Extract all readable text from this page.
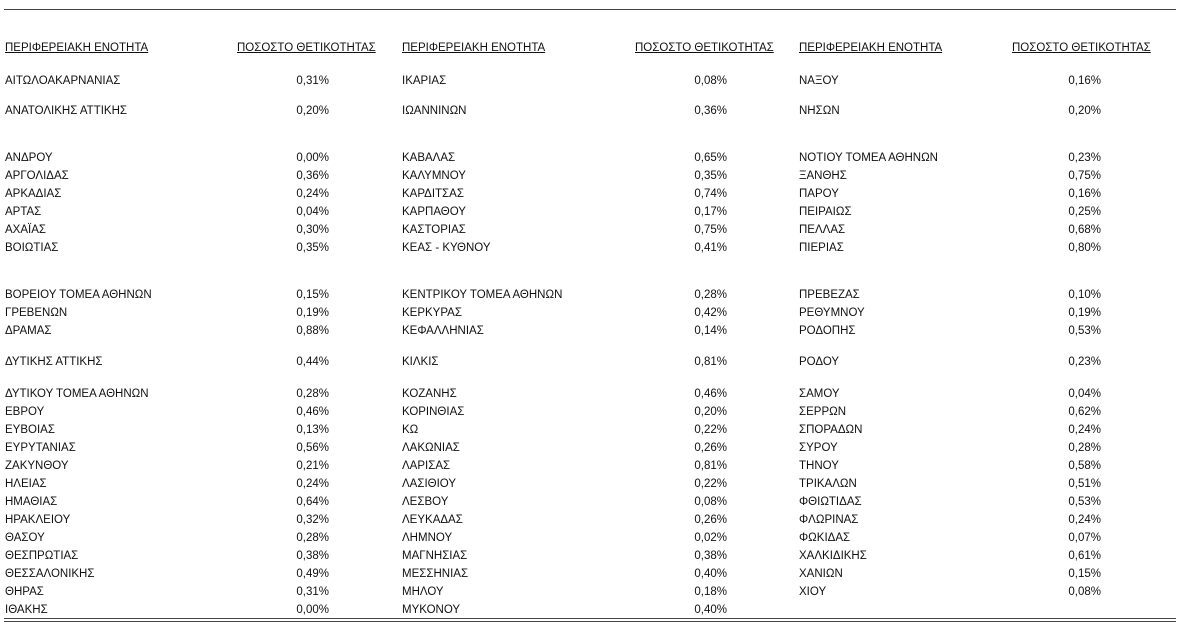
ΠΕΡΙΦΕΡΕΙΑΚΗ ΕΝΟΤΗΤΑ	ΠΟΣΟΣΤΟ ΘΕΤΙΚΟΤΗΤΑΣ
ΑΙΤΩΛΟΑΚΑΡΝΑΝΙΑΣ	0,31%
ΑΝΑΤΟΛΙΚΗΣ ΑΤΤΙΚΗΣ	0,20%
ΑΝΔΡΟΥ	0,00%
ΑΡΓΟΛΙΔΑΣ	0,36%
ΑΡΚΑΔΙΑΣ	0,24%
ΑΡΤΑΣ	0,04%
ΑΧΑΪΑΣ	0,30%
ΒΟΙΩΤΙΑΣ	0,35%
ΒΟΡΕΙΟΥ ΤΟΜΕΑ ΑΘΗΝΩΝ	0,15%
ΓΡΕΒΕΝΩΝ	0,19%
ΔΡΑΜΑΣ	0,88%
ΔΥΤΙΚΗΣ ΑΤΤΙΚΗΣ	0,44%
ΔΥΤΙΚΟΥ ΤΟΜΕΑ ΑΘΗΝΩΝ	0,28%
ΕΒΡΟΥ	0,46%
ΕΥΒΟΙΑΣ	0,13%
ΕΥΡΥΤΑΝΙΑΣ	0,56%
ΖΑΚΥΝΘΟΥ	0,21%
ΗΛΕΙΑΣ	0,24%
ΗΜΑΘΙΑΣ	0,64%
ΗΡΑΚΛΕΙΟΥ	0,32%
ΘΑΣΟΥ	0,28%
ΘΕΣΠΡΩΤΙΑΣ	0,38%
ΘΕΣΣΑΛΟΝΙΚΗΣ	0,49%
ΘΗΡΑΣ	0,31%
ΙΘΑΚΗΣ	0,00%
ΠΕΡΙΦΕΡΕΙΑΚΗ ΕΝΟΤΗΤΑ	ΠΟΣΟΣΤΟ ΘΕΤΙΚΟΤΗΤΑΣ
ΙΚΑΡΙΑΣ	0,08%
ΙΩΑΝΝΙΝΩΝ	0,36%
ΚΑΒΑΛΑΣ	0,65%
ΚΑΛΥΜΝΟΥ	0,35%
ΚΑΡΔΙΤΣΑΣ	0,74%
ΚΑΡΠΑΘΟΥ	0,17%
ΚΑΣΤΟΡΙΑΣ	0,75%
ΚΕΑΣ - ΚΥΘΝΟΥ	0,41%
ΚΕΝΤΡΙΚΟΥ ΤΟΜΕΑ ΑΘΗΝΩΝ	0,28%
ΚΕΡΚΥΡΑΣ	0,42%
ΚΕΦΑΛΛΗΝΙΑΣ	0,14%
ΚΙΛΚΙΣ	0,81%
ΚΟΖΑΝΗΣ	0,46%
ΚΟΡΙΝΘΙΑΣ	0,20%
ΚΩ	0,22%
ΛΑΚΩΝΙΑΣ	0,26%
ΛΑΡΙΣΑΣ	0,81%
ΛΑΣΙΘΙΟΥ	0,22%
ΛΕΣΒΟΥ	0,08%
ΛΕΥΚΑΔΑΣ	0,26%
ΛΗΜΝΟΥ	0,02%
ΜΑΓΝΗΣΙΑΣ	0,38%
ΜΕΣΣΗΝΙΑΣ	0,40%
ΜΗΛΟΥ	0,18%
ΜΥΚΟΝΟΥ	0,40%
ΠΕΡΙΦΕΡΕΙΑΚΗ ΕΝΟΤΗΤΑ	ΠΟΣΟΣΤΟ ΘΕΤΙΚΟΤΗΤΑΣ
ΝΑΞΟΥ	0,16%
ΝΗΣΩΝ	0,20%
ΝΟΤΙΟΥ ΤΟΜΕΑ ΑΘΗΝΩΝ	0,23%
ΞΑΝΘΗΣ	0,75%
ΠΑΡΟΥ	0,16%
ΠΕΙΡΑΙΩΣ	0,25%
ΠΕΛΛΑΣ	0,68%
ΠΙΕΡΙΑΣ	0,80%
ΠΡΕΒΕΖΑΣ	0,10%
ΡΕΘΥΜΝΟΥ	0,19%
ΡΟΔΟΠΗΣ	0,53%
ΡΟΔΟΥ	0,23%
ΣΑΜΟΥ	0,04%
ΣΕΡΡΩΝ	0,62%
ΣΠΟΡΑΔΩΝ	0,24%
ΣΥΡΟΥ	0,28%
ΤΗΝΟΥ	0,58%
ΤΡΙΚΑΛΩΝ	0,51%
ΦΘΙΩΤΙΔΑΣ	0,53%
ΦΛΩΡΙΝΑΣ	0,24%
ΦΩΚΙΔΑΣ	0,07%
ΧΑΛΚΙΔΙΚΗΣ	0,61%
ΧΑΝΙΩΝ	0,15%
ΧΙΟΥ	0,08%
